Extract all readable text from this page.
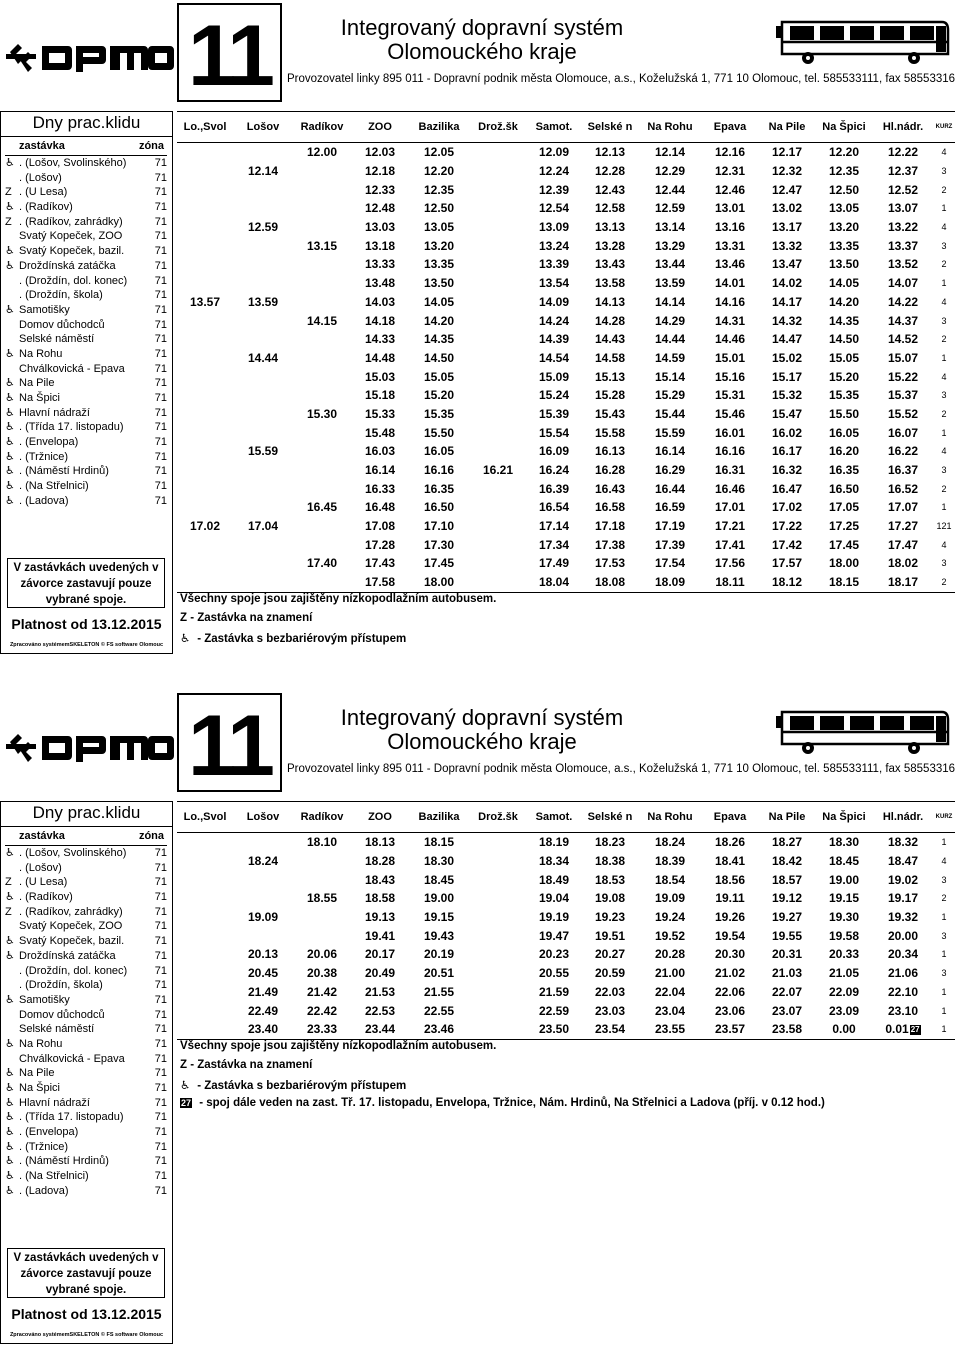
11	Integrovaný dopravní systém Olomouckého kraje
Provozovatel linky 895 011 - Dopravní podnik města Olomouce, a.s., Koželužská 1, 771 10 Olomouc, tel. 585533111, fax 58553316
Dny prac.klidu
zastávka	zóna
♿ . (Lošov, Svolinského)	71
. (Lošov)	71
Z . (U Lesa)	71
♿ . (Radíkov)	71
Z . (Radíkov, zahrádky)	71
Svatý Kopeček, ZOO	71
♿ Svatý Kopeček, bazil.	71
♿ Droždínská zatáčka	71
. (Droždín, dol. konec)	71
. (Droždín, škola)	71
♿ Samotišky	71
Domov důchodců	71
Selské náměstí	71
♿ Na Rohu	71
Chválkovická - Epava	71
♿ Na Pile	71
♿ Na Špici	71
♿ Hlavní nádraží	71
♿ . (Třída 17. listopadu)	71
♿ . (Envelopa)	71
♿ . (Tržnice)	71
♿ . (Náměstí Hrdinů)	71
♿ . (Na Střelnici)	71
♿ . (Ladova)	71
V zastávkách uvedených v závorce zastavují pouze vybrané spoje.
Platnost od 13.12.2015
Zpracováno systémemSKELETON © FS software Olomouc
Lo.,Svol	Lošov	Radíkov	ZOO	Bazilika	Drož.šk	Samot.	Selské n	Na Rohu	Epava	Na Pile	Na Špici	Hl.nádr.	KURZ
		12.00	12.03	12.05		12.09	12.13	12.14	12.16	12.17	12.20	12.22	4
	12.14		12.18	12.20		12.24	12.28	12.29	12.31	12.32	12.35	12.37	3
			12.33	12.35		12.39	12.43	12.44	12.46	12.47	12.50	12.52	2
			12.48	12.50		12.54	12.58	12.59	13.01	13.02	13.05	13.07	1
	12.59		13.03	13.05		13.09	13.13	13.14	13.16	13.17	13.20	13.22	4
		13.15	13.18	13.20		13.24	13.28	13.29	13.31	13.32	13.35	13.37	3
			13.33	13.35		13.39	13.43	13.44	13.46	13.47	13.50	13.52	2
			13.48	13.50		13.54	13.58	13.59	14.01	14.02	14.05	14.07	1
13.57	13.59		14.03	14.05		14.09	14.13	14.14	14.16	14.17	14.20	14.22	4
		14.15	14.18	14.20		14.24	14.28	14.29	14.31	14.32	14.35	14.37	3
			14.33	14.35		14.39	14.43	14.44	14.46	14.47	14.50	14.52	2
	14.44		14.48	14.50		14.54	14.58	14.59	15.01	15.02	15.05	15.07	1
			15.03	15.05		15.09	15.13	15.14	15.16	15.17	15.20	15.22	4
			15.18	15.20		15.24	15.28	15.29	15.31	15.32	15.35	15.37	3
		15.30	15.33	15.35		15.39	15.43	15.44	15.46	15.47	15.50	15.52	2
			15.48	15.50		15.54	15.58	15.59	16.01	16.02	16.05	16.07	1
	15.59		16.03	16.05		16.09	16.13	16.14	16.16	16.17	16.20	16.22	4
			16.14	16.16	16.21	16.24	16.28	16.29	16.31	16.32	16.35	16.37	3
			16.33	16.35		16.39	16.43	16.44	16.46	16.47	16.50	16.52	2
		16.45	16.48	16.50		16.54	16.58	16.59	17.01	17.02	17.05	17.07	1
17.02	17.04		17.08	17.10		17.14	17.18	17.19	17.21	17.22	17.25	17.27	121
			17.28	17.30		17.34	17.38	17.39	17.41	17.42	17.45	17.47	4
		17.40	17.43	17.45		17.49	17.53	17.54	17.56	17.57	18.00	18.02	3
			17.58	18.00		18.04	18.08	18.09	18.11	18.12	18.15	18.17	2
Všechny spoje jsou zajištěny nízkopodlažním autobusem.
Z - Zastávka na znamení
♿ - Zastávka s bezbariérovým přístupem
11	Integrovaný dopravní systém Olomouckého kraje
Provozovatel linky 895 011 - Dopravní podnik města Olomouce, a.s., Koželužská 1, 771 10 Olomouc, tel. 585533111, fax 58553316
Dny prac.klidu
zastávka	zóna
♿ . (Lošov, Svolinského)	71
. (Lošov)	71
Z . (U Lesa)	71
♿ . (Radíkov)	71
Z . (Radíkov, zahrádky)	71
Svatý Kopeček, ZOO	71
♿ Svatý Kopeček, bazil.	71
♿ Droždínská zatáčka	71
. (Droždín, dol. konec)	71
. (Droždín, škola)	71
♿ Samotišky	71
Domov důchodců	71
Selské náměstí	71
♿ Na Rohu	71
Chválkovická - Epava	71
♿ Na Pile	71
♿ Na Špici	71
♿ Hlavní nádraží	71
♿ . (Třída 17. listopadu)	71
♿ . (Envelopa)	71
♿ . (Tržnice)	71
♿ . (Náměstí Hrdinů)	71
♿ . (Na Střelnici)	71
♿ . (Ladova)	71
V zastávkách uvedených v závorce zastavují pouze vybrané spoje.
Platnost od 13.12.2015
Zpracováno systémemSKELETON © FS software Olomouc
Lo.,Svol	Lošov	Radíkov	ZOO	Bazilika	Drož.šk	Samot.	Selské n	Na Rohu	Epava	Na Pile	Na Špici	Hl.nádr.	KURZ
		18.10	18.13	18.15		18.19	18.23	18.24	18.26	18.27	18.30	18.32	1
	18.24		18.28	18.30		18.34	18.38	18.39	18.41	18.42	18.45	18.47	4
			18.43	18.45		18.49	18.53	18.54	18.56	18.57	19.00	19.02	3
		18.55	18.58	19.00		19.04	19.08	19.09	19.11	19.12	19.15	19.17	2
	19.09		19.13	19.15		19.19	19.23	19.24	19.26	19.27	19.30	19.32	1
			19.41	19.43		19.47	19.51	19.52	19.54	19.55	19.58	20.00	3
	20.13	20.06	20.17	20.19		20.23	20.27	20.28	20.30	20.31	20.33	20.34	1
	20.45	20.38	20.49	20.51		20.55	20.59	21.00	21.02	21.03	21.05	21.06	3
	21.49	21.42	21.53	21.55		21.59	22.03	22.04	22.06	22.07	22.09	22.10	1
	22.49	22.42	22.53	22.55		22.59	23.03	23.04	23.06	23.07	23.09	23.10	1
	23.40	23.33	23.44	23.46		23.50	23.54	23.55	23.57	23.58	0.00	0.01 27	1
Všechny spoje jsou zajištěny nízkopodlažním autobusem.
Z - Zastávka na znamení
♿ - Zastávka s bezbariérovým přístupem
27 - spoj dále veden na zast. Tř. 17. listopadu, Envelopa, Tržnice, Nám. Hrdinů, Na Střelnici a Ladova (příj. v 0.12 hod.)
